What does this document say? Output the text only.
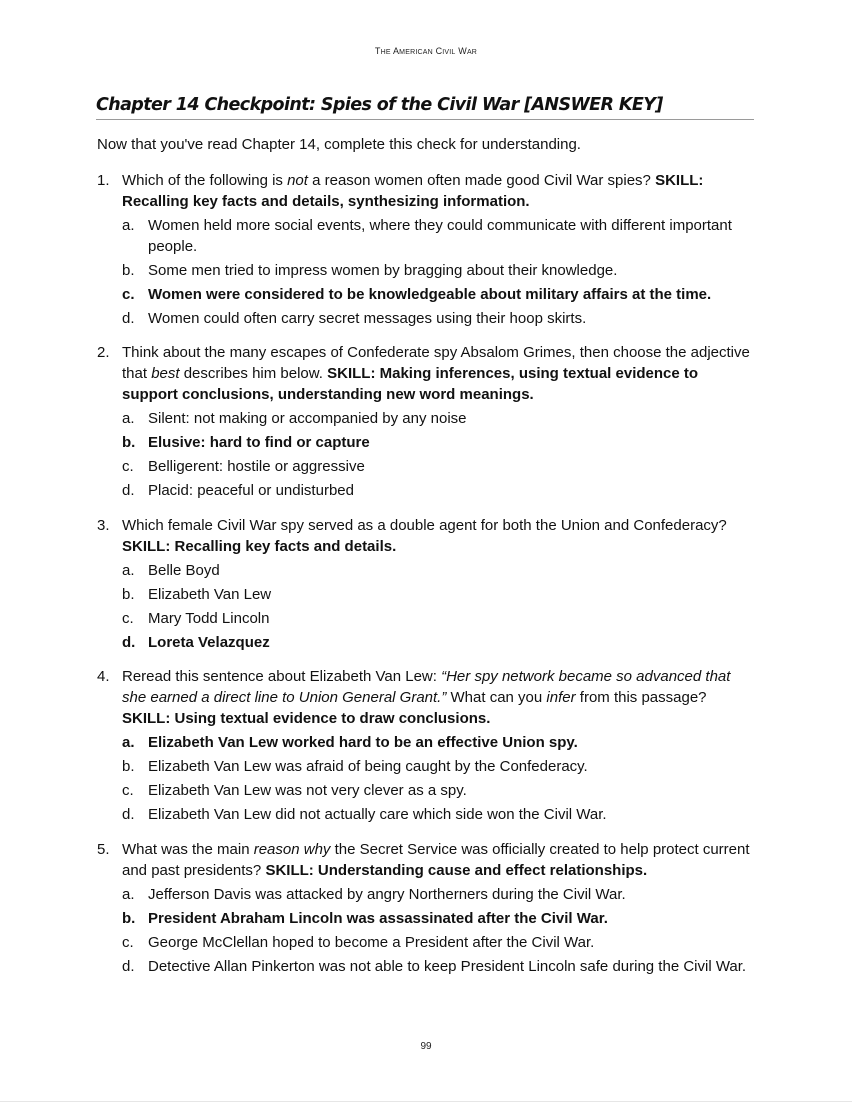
THE AMERICAN CIVIL WAR
Chapter 14 Checkpoint: Spies of the Civil War [ANSWER KEY]

Now that you've read Chapter 14, complete this check for understanding.

1. Which of the following is not a reason women often made good Civil War spies? SKILL: Recalling key facts and details, synthesizing information.
a. Women held more social events, where they could communicate with different important people.
b. Some men tried to impress women by bragging about their knowledge.
c. Women were considered to be knowledgeable about military affairs at the time.
d. Women could often carry secret messages using their hoop skirts.
2. Think about the many escapes of Confederate spy Absalom Grimes, then choose the adjective that best describes him below. SKILL: Making inferences, using textual evidence to support conclusions, understanding new word meanings.
a. Silent: not making or accompanied by any noise
b. Elusive: hard to find or capture
c. Belligerent: hostile or aggressive
d. Placid: peaceful or undisturbed
3. Which female Civil War spy served as a double agent for both the Union and Confederacy? SKILL: Recalling key facts and details.
a. Belle Boyd
b. Elizabeth Van Lew
c. Mary Todd Lincoln
d. Loreta Velazquez
4. Reread this sentence about Elizabeth Van Lew: “Her spy network became so advanced that she earned a direct line to Union General Grant.” What can you infer from this passage? SKILL: Using textual evidence to draw conclusions.
a. Elizabeth Van Lew worked hard to be an effective Union spy.
b. Elizabeth Van Lew was afraid of being caught by the Confederacy.
c. Elizabeth Van Lew was not very clever as a spy.
d. Elizabeth Van Lew did not actually care which side won the Civil War.
5. What was the main reason why the Secret Service was officially created to help protect current and past presidents? SKILL: Understanding cause and effect relationships.
a. Jefferson Davis was attacked by angry Northerners during the Civil War.
b. President Abraham Lincoln was assassinated after the Civil War.
c. George McClellan hoped to become a President after the Civil War.
d. Detective Allan Pinkerton was not able to keep President Lincoln safe during the Civil War.
99
